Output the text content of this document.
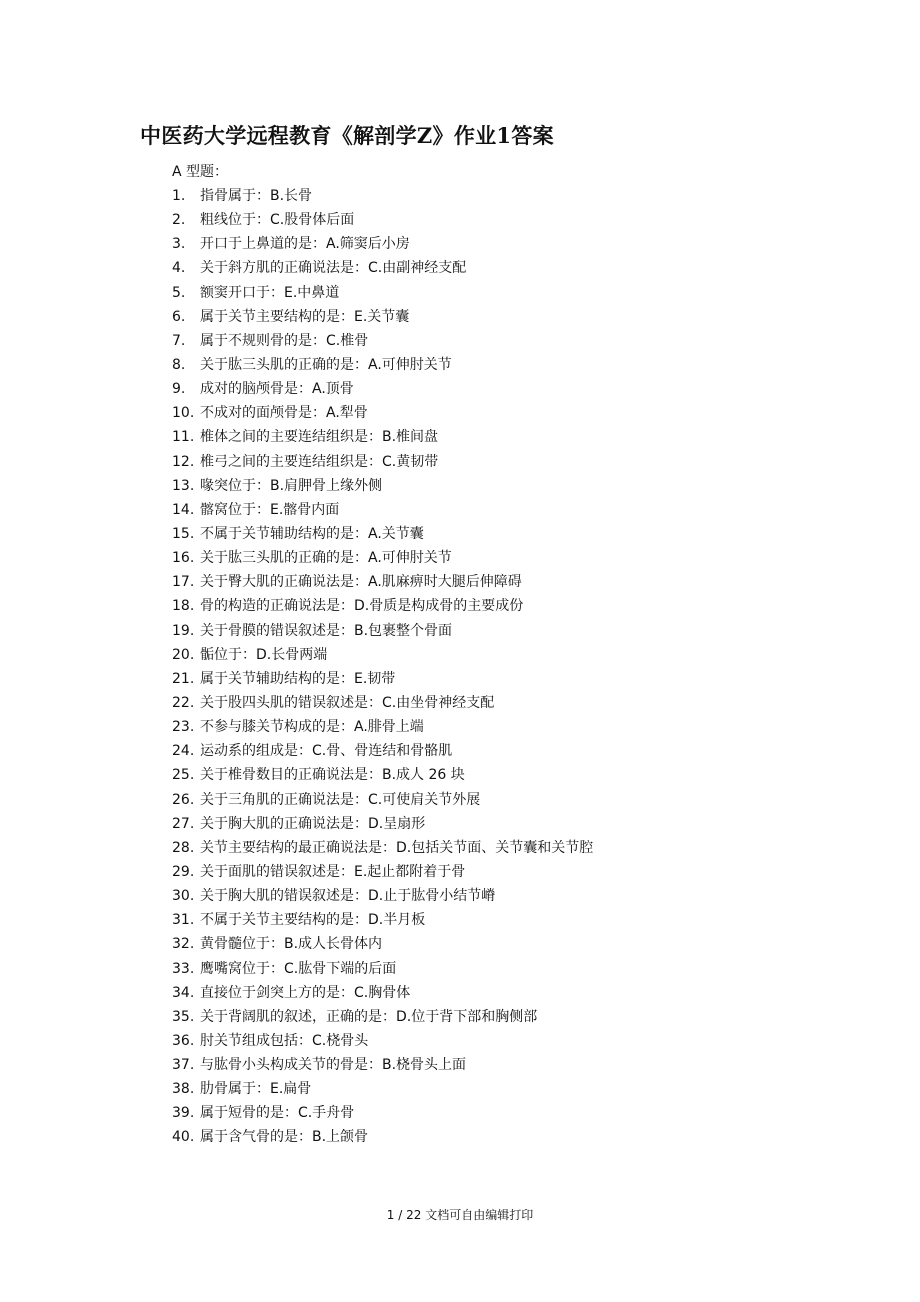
中医药大学远程教育《解剖学Z》作业1答案
A 型题：
1.	指骨属于： B.长骨
2.	粗线位于： C.股骨体后面
3.	开口于上鼻道的是： A.筛窦后小房
4.	关于斜方肌的正确说法是： C.由副神经支配
5.	额窦开口于： E.中鼻道
6.	属于关节主要结构的是： E.关节囊
7.	属于不规则骨的是： C.椎骨
8.	关于肱三头肌的正确的是： A.可伸肘关节
9.	成对的脑颅骨是： A.顶骨
10. 不成对的面颅骨是： A.犁骨
11. 椎体之间的主要连结组织是： B.椎间盘
12. 椎弓之间的主要连结组织是： C.黄韧带
13. 喙突位于： B.肩胛骨上缘外侧
14. 髂窝位于： E.髂骨内面
15. 不属于关节辅助结构的是： A.关节囊
16. 关于肱三头肌的正确的是： A.可伸肘关节
17. 关于臀大肌的正确说法是： A.肌麻痹时大腿后伸障碍
18. 骨的构造的正确说法是： D.骨质是构成骨的主要成份
19. 关于骨膜的错误叙述是： B.包裹整个骨面
20. 骺位于： D.长骨两端
21. 属于关节辅助结构的是： E.韧带
22. 关于股四头肌的错误叙述是： C.由坐骨神经支配
23. 不参与膝关节构成的是： A.腓骨上端
24. 运动系的组成是： C.骨、骨连结和骨骼肌
25. 关于椎骨数目的正确说法是： B.成人 26 块
26. 关于三角肌的正确说法是： C.可使肩关节外展
27. 关于胸大肌的正确说法是： D.呈扇形
28. 关节主要结构的最正确说法是： D.包括关节面、关节囊和关节腔
29. 关于面肌的错误叙述是： E.起止都附着于骨
30. 关于胸大肌的错误叙述是： D.止于肱骨小结节嵴
31. 不属于关节主要结构的是： D.半月板
32. 黄骨髓位于： B.成人长骨体内
33. 鹰嘴窝位于： C.肱骨下端的后面
34. 直接位于剑突上方的是： C.胸骨体
35. 关于背阔肌的叙述，正确的是： D.位于背下部和胸侧部
36. 肘关节组成包括： C.桡骨头
37. 与肱骨小头构成关节的骨是： B.桡骨头上面
38. 肋骨属于： E.扁骨
39. 属于短骨的是： C.手舟骨
40. 属于含气骨的是： B.上颌骨
1 / 22 文档可自由编辑打印
